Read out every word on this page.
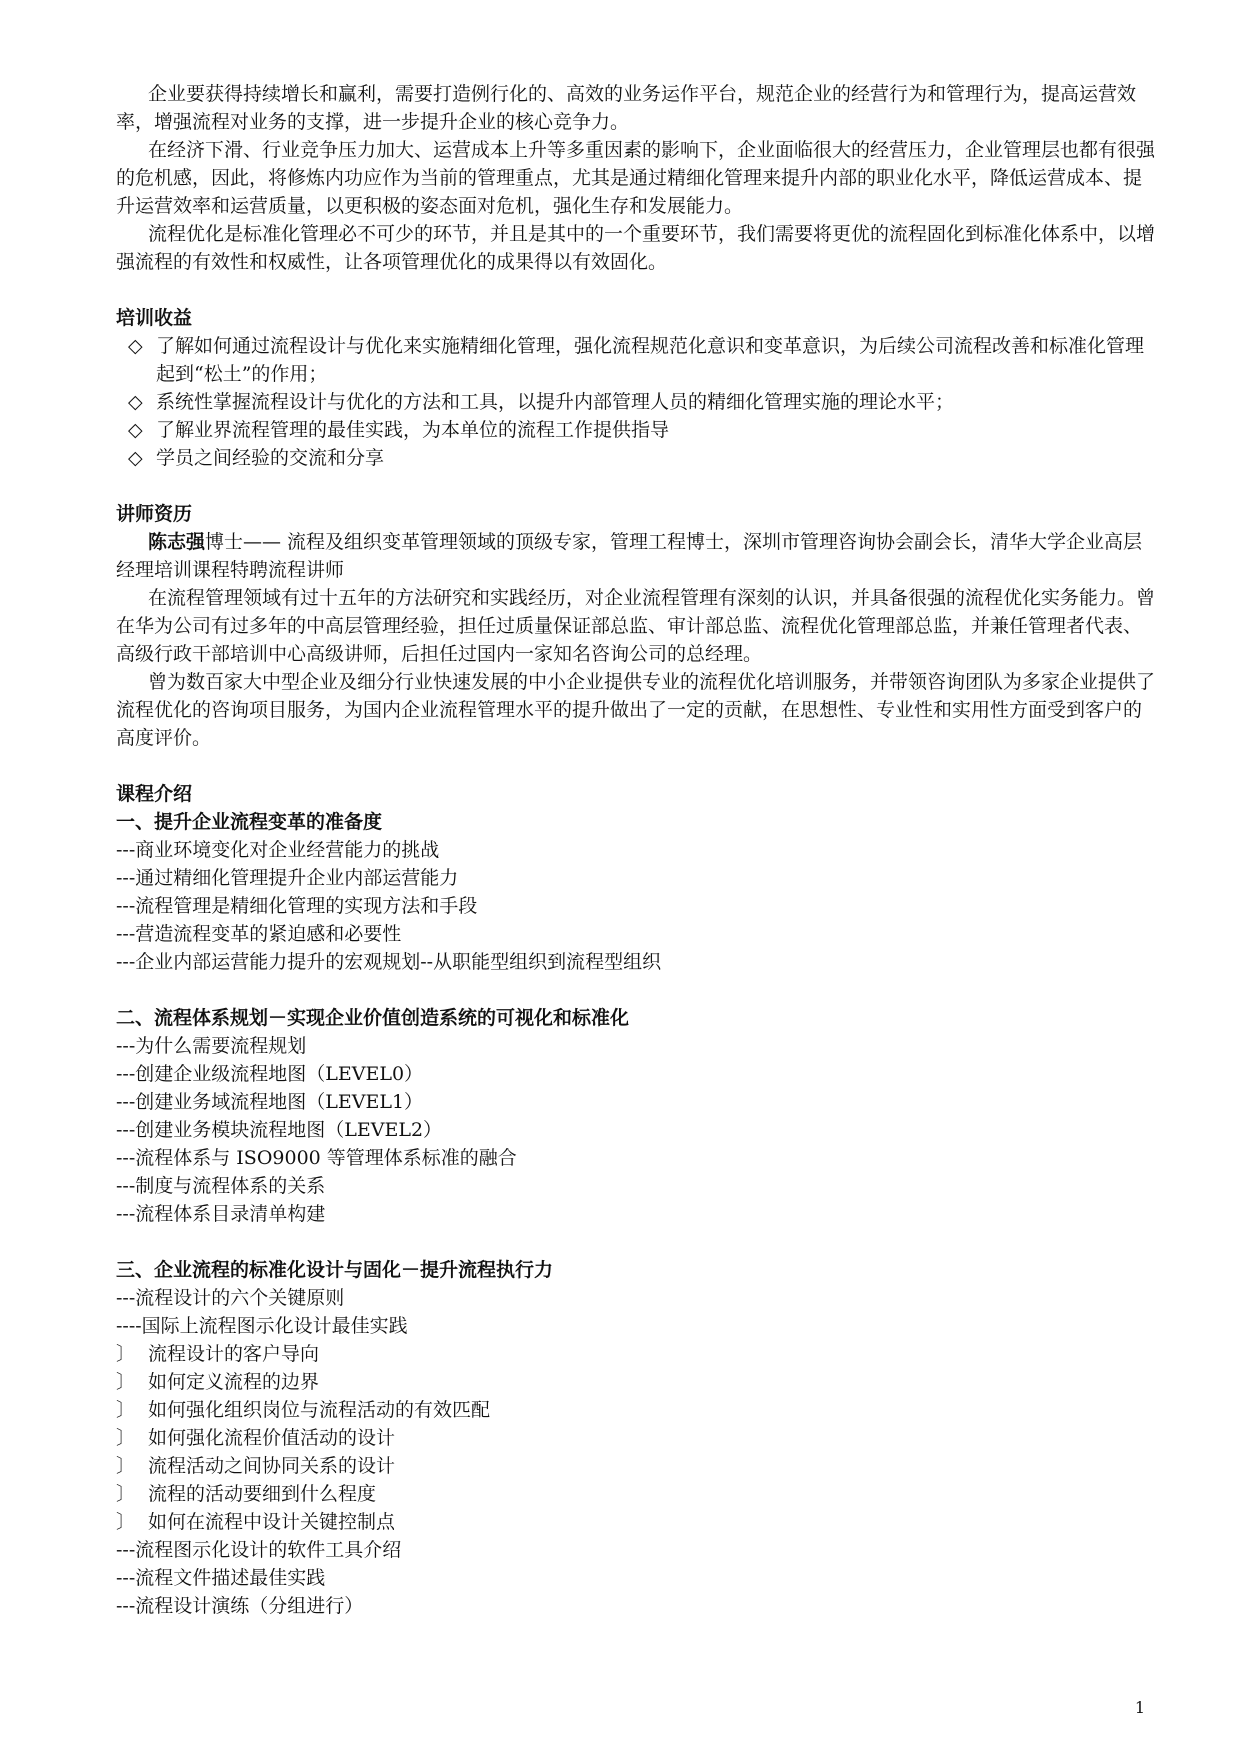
企业要获得持续增长和赢利，需要打造例行化的、高效的业务运作平台，规范企业的经营行为和管理行为，提高运营效率，增强流程对业务的支撑，进一步提升企业的核心竞争力。

在经济下滑、行业竞争压力加大、运营成本上升等多重因素的影响下，企业面临很大的经营压力，企业管理层也都有很强的危机感，因此，将修炼内功应作为当前的管理重点，尤其是通过精细化管理来提升内部的职业化水平，降低运营成本、提升运营效率和运营质量，以更积极的姿态面对危机，强化生存和发展能力。

流程优化是标准化管理必不可少的环节，并且是其中的一个重要环节，我们需要将更优的流程固化到标准化体系中，以增强流程的有效性和权威性，让各项管理优化的成果得以有效固化。

培训收益
◇ 了解如何通过流程设计与优化来实施精细化管理，强化流程规范化意识和变革意识，为后续公司流程改善和标准化管理起到“松土”的作用；
◇ 系统性掌握流程设计与优化的方法和工具，以提升内部管理人员的精细化管理实施的理论水平；
◇ 了解业界流程管理的最佳实践，为本单位的流程工作提供指导
◇ 学员之间经验的交流和分享
讲师资历

陈志强博士—— 流程及组织变革管理领域的顶级专家，管理工程博士，深圳市管理咨询协会副会长，清华大学企业高层经理培训课程特聘流程讲师

在流程管理领域有过十五年的方法研究和实践经历，对企业流程管理有深刻的认识，并具备很强的流程优化实务能力。曾在华为公司有过多年的中高层管理经验，担任过质量保证部总监、审计部总监、流程优化管理部总监，并兼任管理者代表、高级行政干部培训中心高级讲师，后担任过国内一家知名咨询公司的总经理。

曾为数百家大中型企业及细分行业快速发展的中小企业提供专业的流程优化培训服务，并带领咨询团队为多家企业提供了流程优化的咨询项目服务，为国内企业流程管理水平的提升做出了一定的贡献，在思想性、专业性和实用性方面受到客户的高度评价。

课程介绍
一、提升企业流程变革的准备度
---商业环境变化对企业经营能力的挑战
---通过精细化管理提升企业内部运营能力
---流程管理是精细化管理的实现方法和手段
---营造流程变革的紧迫感和必要性
---企业内部运营能力提升的宏观规划--从职能型组织到流程型组织
二、流程体系规划－实现企业价值创造系统的可视化和标准化
---为什么需要流程规划
---创建企业级流程地图（LEVEL0）
---创建业务域流程地图（LEVEL1）
---创建业务模块流程地图（LEVEL2）
---流程体系与 ISO9000 等管理体系标准的融合
---制度与流程体系的关系
---流程体系目录清单构建
三、企业流程的标准化设计与固化－提升流程执行力
---流程设计的六个关键原则
----国际上流程图示化设计最佳实践
〕 流程设计的客户导向
〕 如何定义流程的边界
〕 如何强化组织岗位与流程活动的有效匹配
〕 如何强化流程价值活动的设计
〕 流程活动之间协同关系的设计
〕 流程的活动要细到什么程度
〕 如何在流程中设计关键控制点
---流程图示化设计的软件工具介绍
---流程文件描述最佳实践
---流程设计演练（分组进行）
1
